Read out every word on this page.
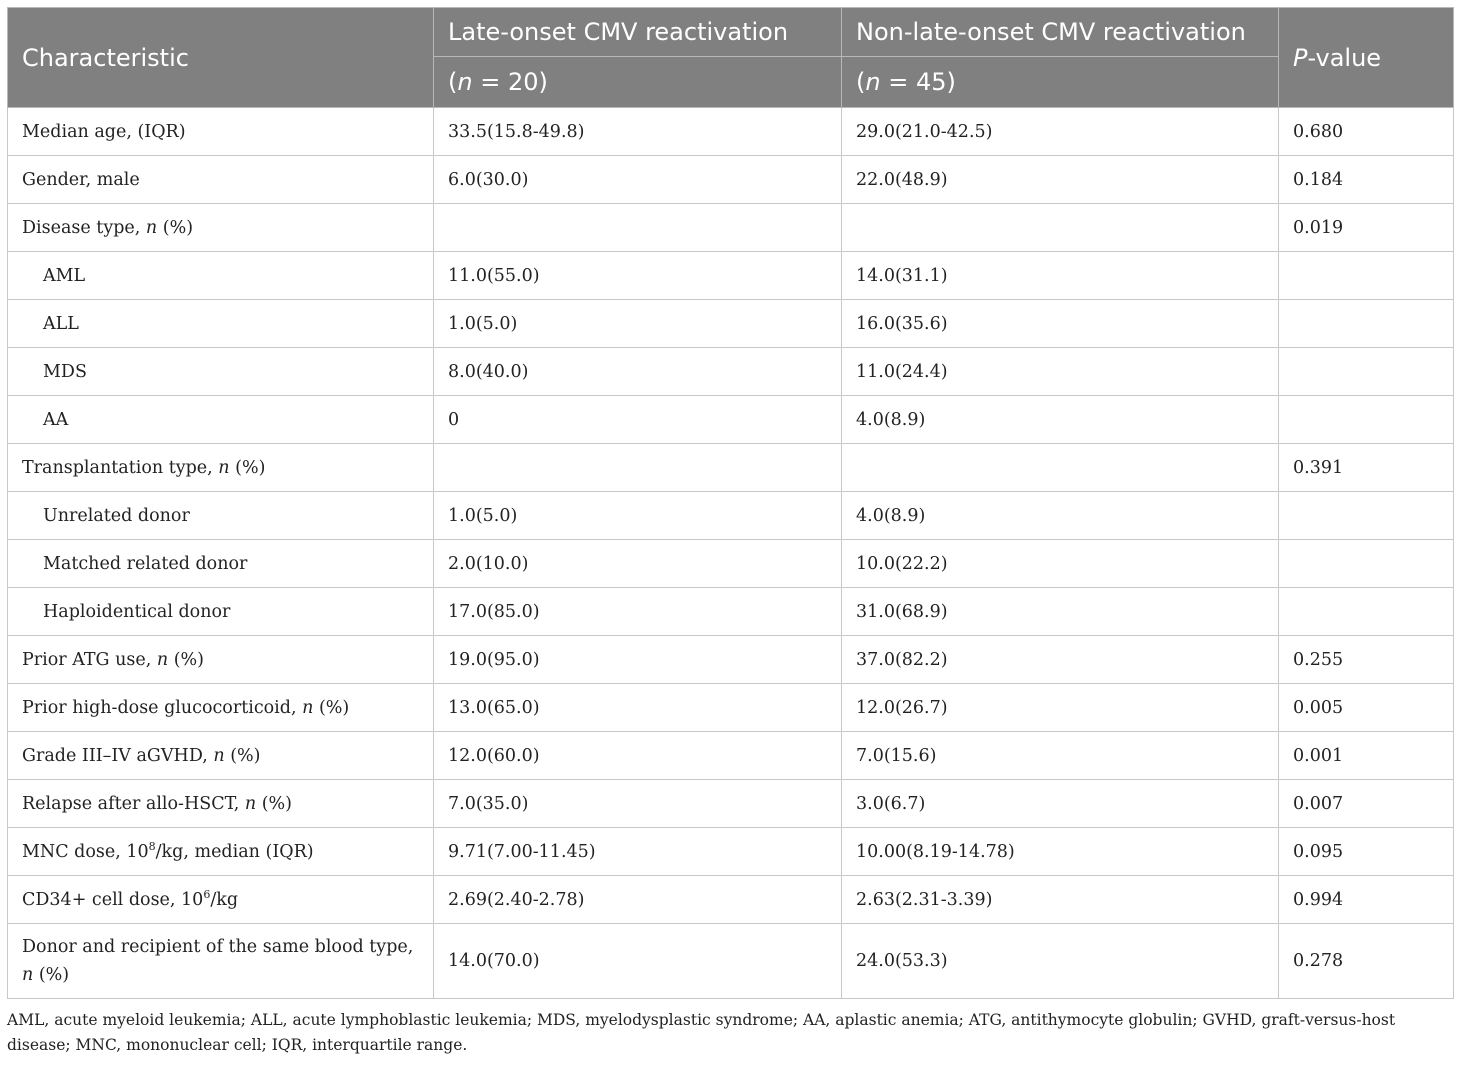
Characteristic	Late-onset CMV reactivation	Non-late-onset CMV reactivation	P-value
	(n = 20)	(n = 45)	
Median age, (IQR)	33.5(15.8-49.8)	29.0(21.0-42.5)	0.680
Gender, male	6.0(30.0)	22.0(48.9)	0.184
Disease type, n (%)			0.019
AML	11.0(55.0)	14.0(31.1)	
ALL	1.0(5.0)	16.0(35.6)	
MDS	8.0(40.0)	11.0(24.4)	
AA	0	4.0(8.9)	
Transplantation type, n (%)			0.391
Unrelated donor	1.0(5.0)	4.0(8.9)	
Matched related donor	2.0(10.0)	10.0(22.2)	
Haploidentical donor	17.0(85.0)	31.0(68.9)	
Prior ATG use, n (%)	19.0(95.0)	37.0(82.2)	0.255
Prior high-dose glucocorticoid, n (%)	13.0(65.0)	12.0(26.7)	0.005
Grade III–IV aGVHD, n (%)	12.0(60.0)	7.0(15.6)	0.001
Relapse after allo-HSCT, n (%)	7.0(35.0)	3.0(6.7)	0.007
MNC dose, $10^8/kg$, median (IQR)	9.71(7.00-11.45)	10.00(8.19-14.78)	0.095
CD34+ cell dose, $10^6/kg$	2.69(2.40-2.78)	2.63(2.31-3.39)	0.994
Donor and recipient of the same blood type,
n (%)	14.0(70.0)	24.0(53.3)	0.278
AML, acute myeloid leukemia; ALL, acute lymphoblastic leukemia; MDS, myelodysplastic syndrome; AA, aplastic anemia; ATG, antithymocyte globulin; GVHD, graft-versus-host disease; MNC, mononuclear cell; IQR, interquartile range.
